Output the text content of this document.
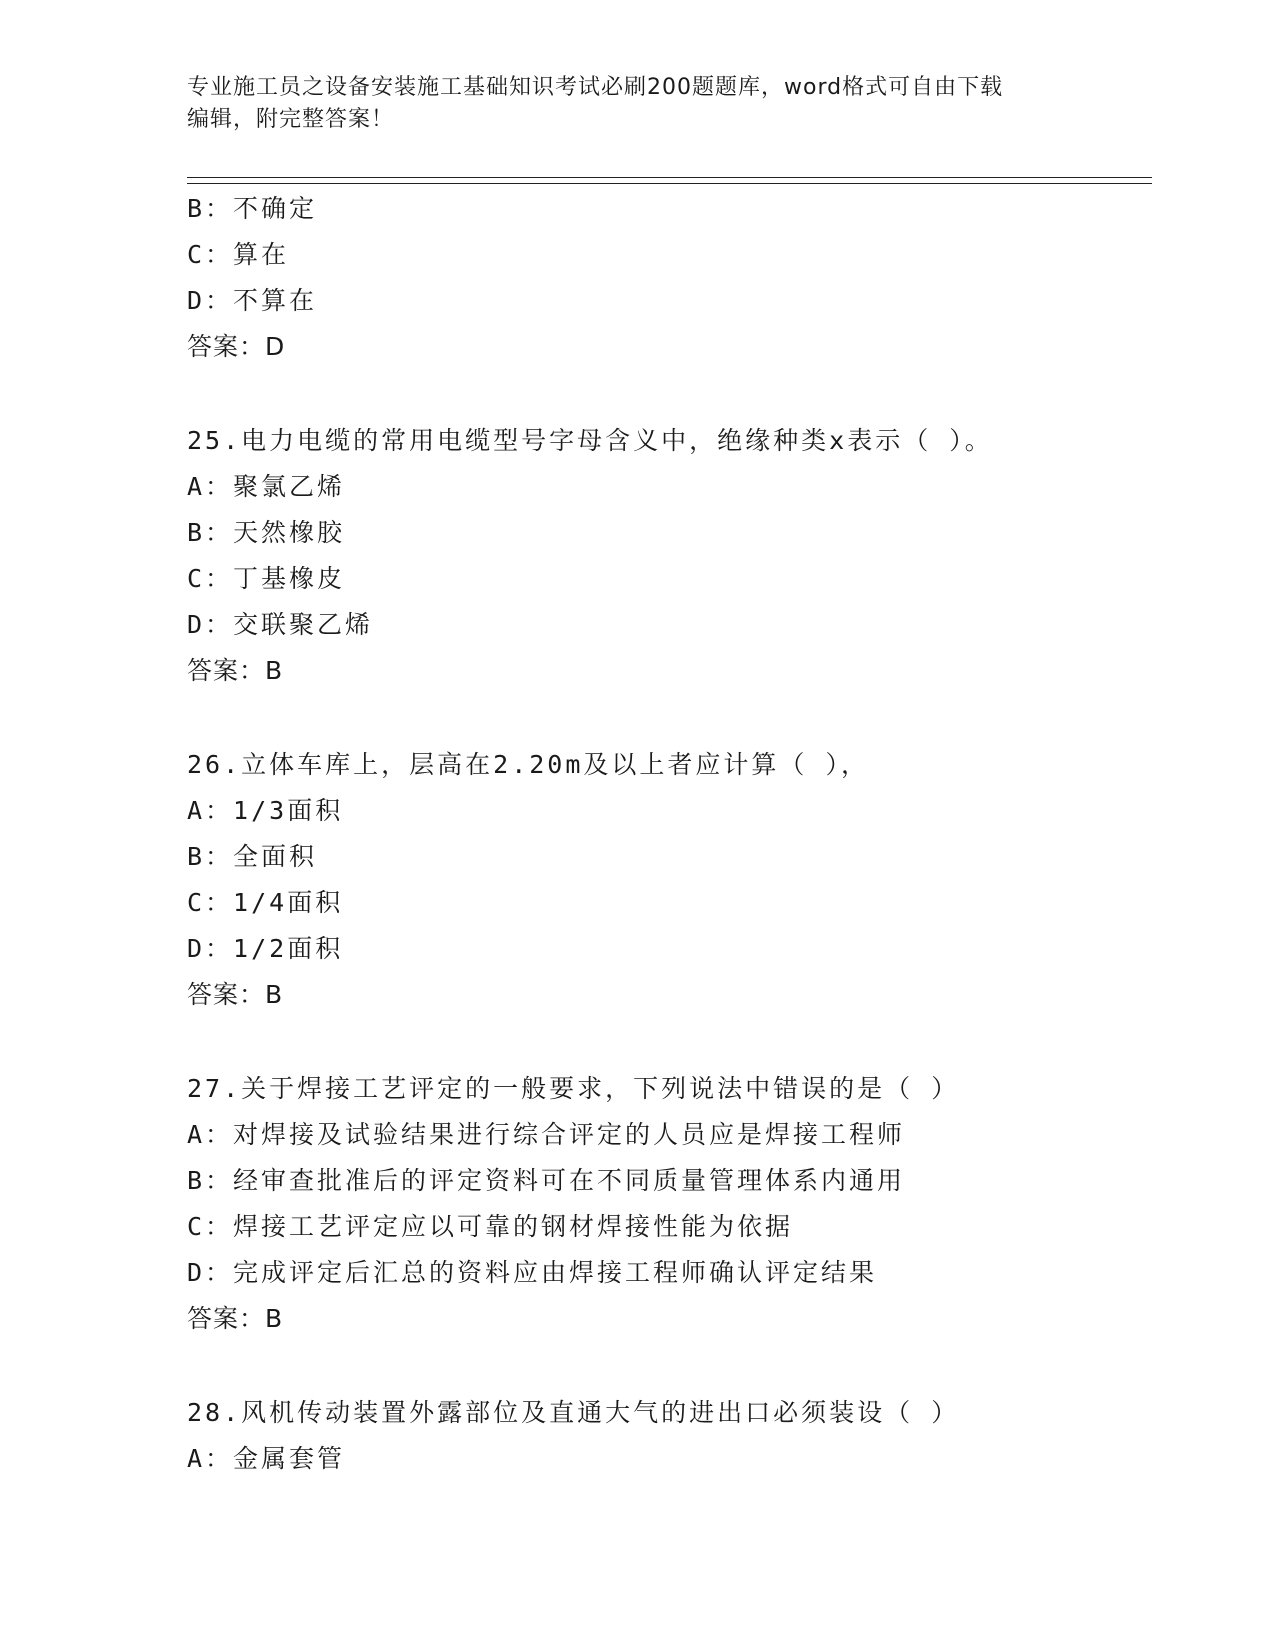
专业施工员之设备安装施工基础知识考试必刷200题题库，word格式可自由下载
编辑，附完整答案！
B：不确定
C：算在
D：不算在
答案：D
25.电力电缆的常用电缆型号字母含义中，绝缘种类x表示（ ）。
A：聚氯乙烯
B：天然橡胶
C：丁基橡皮
D：交联聚乙烯
答案：B
26.立体车库上，层高在2.20m及以上者应计算（ ），
A：1/3面积
B：全面积
C：1/4面积
D：1/2面积
答案：B
27.关于焊接工艺评定的一般要求，下列说法中错误的是（ ）
A：对焊接及试验结果进行综合评定的人员应是焊接工程师
B：经审查批准后的评定资料可在不同质量管理体系内通用
C：焊接工艺评定应以可靠的钢材焊接性能为依据
D：完成评定后汇总的资料应由焊接工程师确认评定结果
答案：B
28.风机传动装置外露部位及直通大气的进出口必须装设（ ）
A：金属套管
